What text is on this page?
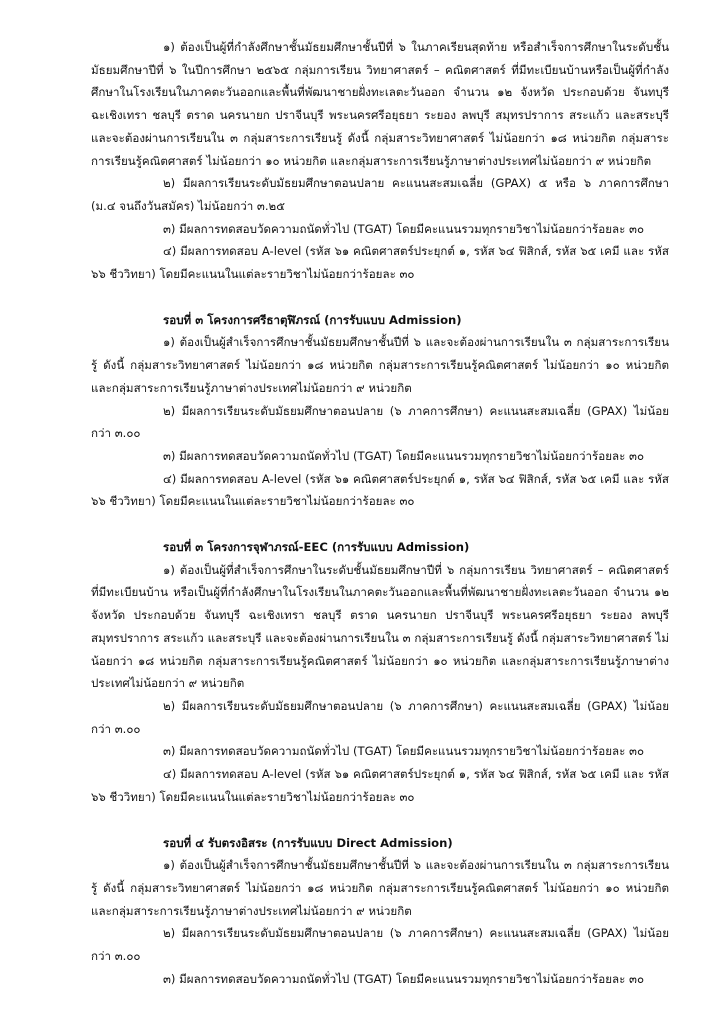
๑) ต้องเป็นผู้ที่กำลังศึกษาชั้นมัธยมศึกษาชั้นปีที่ ๖ ในภาคเรียนสุดท้าย หรือสำเร็จการศึกษาในระดับชั้นมัธยมศึกษาปีที่ ๖ ในปีการศึกษา ๒๕๖๕ กลุ่มการเรียน วิทยาศาสตร์ – คณิตศาสตร์ ที่มีทะเบียนบ้านหรือเป็นผู้ที่กำลังศึกษาในโรงเรียนในภาคตะวันออกและพื้นที่พัฒนาชายฝั่งทะเลตะวันออก จำนวน ๑๒ จังหวัด ประกอบด้วย จันทบุรี ฉะเชิงเทรา ชลบุรี ตราด นครนายก ปราจีนบุรี พระนครศรีอยุธยา ระยอง ลพบุรี สมุทรปราการ สระแก้ว และสระบุรี และจะต้องผ่านการเรียนใน ๓ กลุ่มสาระการเรียนรู้ ดังนี้ กลุ่มสาระวิทยาศาสตร์ ไม่น้อยกว่า ๑๘ หน่วยกิต กลุ่มสาระการเรียนรู้คณิตศาสตร์ ไม่น้อยกว่า ๑๐ หน่วยกิต และกลุ่มสาระการเรียนรู้ภาษาต่างประเทศไม่น้อยกว่า ๙ หน่วยกิต

๒) มีผลการเรียนระดับมัธยมศึกษาตอนปลาย คะแนนสะสมเฉลี่ย (GPAX) ๕ หรือ ๖ ภาคการศึกษา (ม.๔ จนถึงวันสมัคร) ไม่น้อยกว่า ๓.๒๕

๓) มีผลการทดสอบวัดความถนัดทั่วไป (TGAT) โดยมีคะแนนรวมทุกรายวิชาไม่น้อยกว่าร้อยละ ๓๐

๔) มีผลการทดสอบ A-level (รหัส ๖๑ คณิตศาสตร์ประยุกต์ ๑, รหัส ๖๔ ฟิสิกส์, รหัส ๖๕ เคมี และ รหัส ๖๖ ชีววิทยา) โดยมีคะแนนในแต่ละรายวิชาไม่น้อยกว่าร้อยละ ๓๐

รอบที่ ๓ โครงการศรีธาตุฬิภรณ์ (การรับแบบ Admission)

๑) ต้องเป็นผู้สำเร็จการศึกษาชั้นมัธยมศึกษาชั้นปีที่ ๖ และจะต้องผ่านการเรียนใน ๓ กลุ่มสาระการเรียนรู้ ดังนี้ กลุ่มสาระวิทยาศาสตร์ ไม่น้อยกว่า ๑๘ หน่วยกิต กลุ่มสาระการเรียนรู้คณิตศาสตร์ ไม่น้อยกว่า ๑๐ หน่วยกิต และกลุ่มสาระการเรียนรู้ภาษาต่างประเทศไม่น้อยกว่า ๙ หน่วยกิต

๒) มีผลการเรียนระดับมัธยมศึกษาตอนปลาย (๖ ภาคการศึกษา) คะแนนสะสมเฉลี่ย (GPAX) ไม่น้อยกว่า ๓.๐๐

๓) มีผลการทดสอบวัดความถนัดทั่วไป (TGAT) โดยมีคะแนนรวมทุกรายวิชาไม่น้อยกว่าร้อยละ ๓๐

๔) มีผลการทดสอบ A-level (รหัส ๖๑ คณิตศาสตร์ประยุกต์ ๑, รหัส ๖๔ ฟิสิกส์, รหัส ๖๕ เคมี และ รหัส ๖๖ ชีววิทยา) โดยมีคะแนนในแต่ละรายวิชาไม่น้อยกว่าร้อยละ ๓๐

รอบที่ ๓ โครงการจุฬาภรณ์-EEC (การรับแบบ Admission)

๑) ต้องเป็นผู้ที่สำเร็จการศึกษาในระดับชั้นมัธยมศึกษาปีที่ ๖ กลุ่มการเรียน วิทยาศาสตร์ – คณิตศาสตร์ ที่มีทะเบียนบ้าน หรือเป็นผู้ที่กำลังศึกษาในโรงเรียนในภาคตะวันออกและพื้นที่พัฒนาชายฝั่งทะเลตะวันออก จำนวน ๑๒ จังหวัด ประกอบด้วย จันทบุรี ฉะเชิงเทรา ชลบุรี ตราด นครนายก ปราจีนบุรี พระนครศรีอยุธยา ระยอง ลพบุรี สมุทรปราการ สระแก้ว และสระบุรี และจะต้องผ่านการเรียนใน ๓ กลุ่มสาระการเรียนรู้ ดังนี้ กลุ่มสาระวิทยาศาสตร์ ไม่น้อยกว่า ๑๘ หน่วยกิต กลุ่มสาระการเรียนรู้คณิตศาสตร์ ไม่น้อยกว่า ๑๐ หน่วยกิต และกลุ่มสาระการเรียนรู้ภาษาต่างประเทศไม่น้อยกว่า ๙ หน่วยกิต

๒) มีผลการเรียนระดับมัธยมศึกษาตอนปลาย (๖ ภาคการศึกษา) คะแนนสะสมเฉลี่ย (GPAX) ไม่น้อยกว่า ๓.๐๐

๓) มีผลการทดสอบวัดความถนัดทั่วไป (TGAT) โดยมีคะแนนรวมทุกรายวิชาไม่น้อยกว่าร้อยละ ๓๐

๔) มีผลการทดสอบ A-level (รหัส ๖๑ คณิตศาสตร์ประยุกต์ ๑, รหัส ๖๔ ฟิสิกส์, รหัส ๖๕ เคมี และ รหัส ๖๖ ชีววิทยา) โดยมีคะแนนในแต่ละรายวิชาไม่น้อยกว่าร้อยละ ๓๐

รอบที่ ๔ รับตรงอิสระ (การรับแบบ Direct Admission)

๑) ต้องเป็นผู้สำเร็จการศึกษาชั้นมัธยมศึกษาชั้นปีที่ ๖ และจะต้องผ่านการเรียนใน ๓ กลุ่มสาระการเรียนรู้ ดังนี้ กลุ่มสาระวิทยาศาสตร์ ไม่น้อยกว่า ๑๘ หน่วยกิต กลุ่มสาระการเรียนรู้คณิตศาสตร์ ไม่น้อยกว่า ๑๐ หน่วยกิต และกลุ่มสาระการเรียนรู้ภาษาต่างประเทศไม่น้อยกว่า ๙ หน่วยกิต

๒) มีผลการเรียนระดับมัธยมศึกษาตอนปลาย (๖ ภาคการศึกษา) คะแนนสะสมเฉลี่ย (GPAX) ไม่น้อยกว่า ๓.๐๐

๓) มีผลการทดสอบวัดความถนัดทั่วไป (TGAT) โดยมีคะแนนรวมทุกรายวิชาไม่น้อยกว่าร้อยละ ๓๐
